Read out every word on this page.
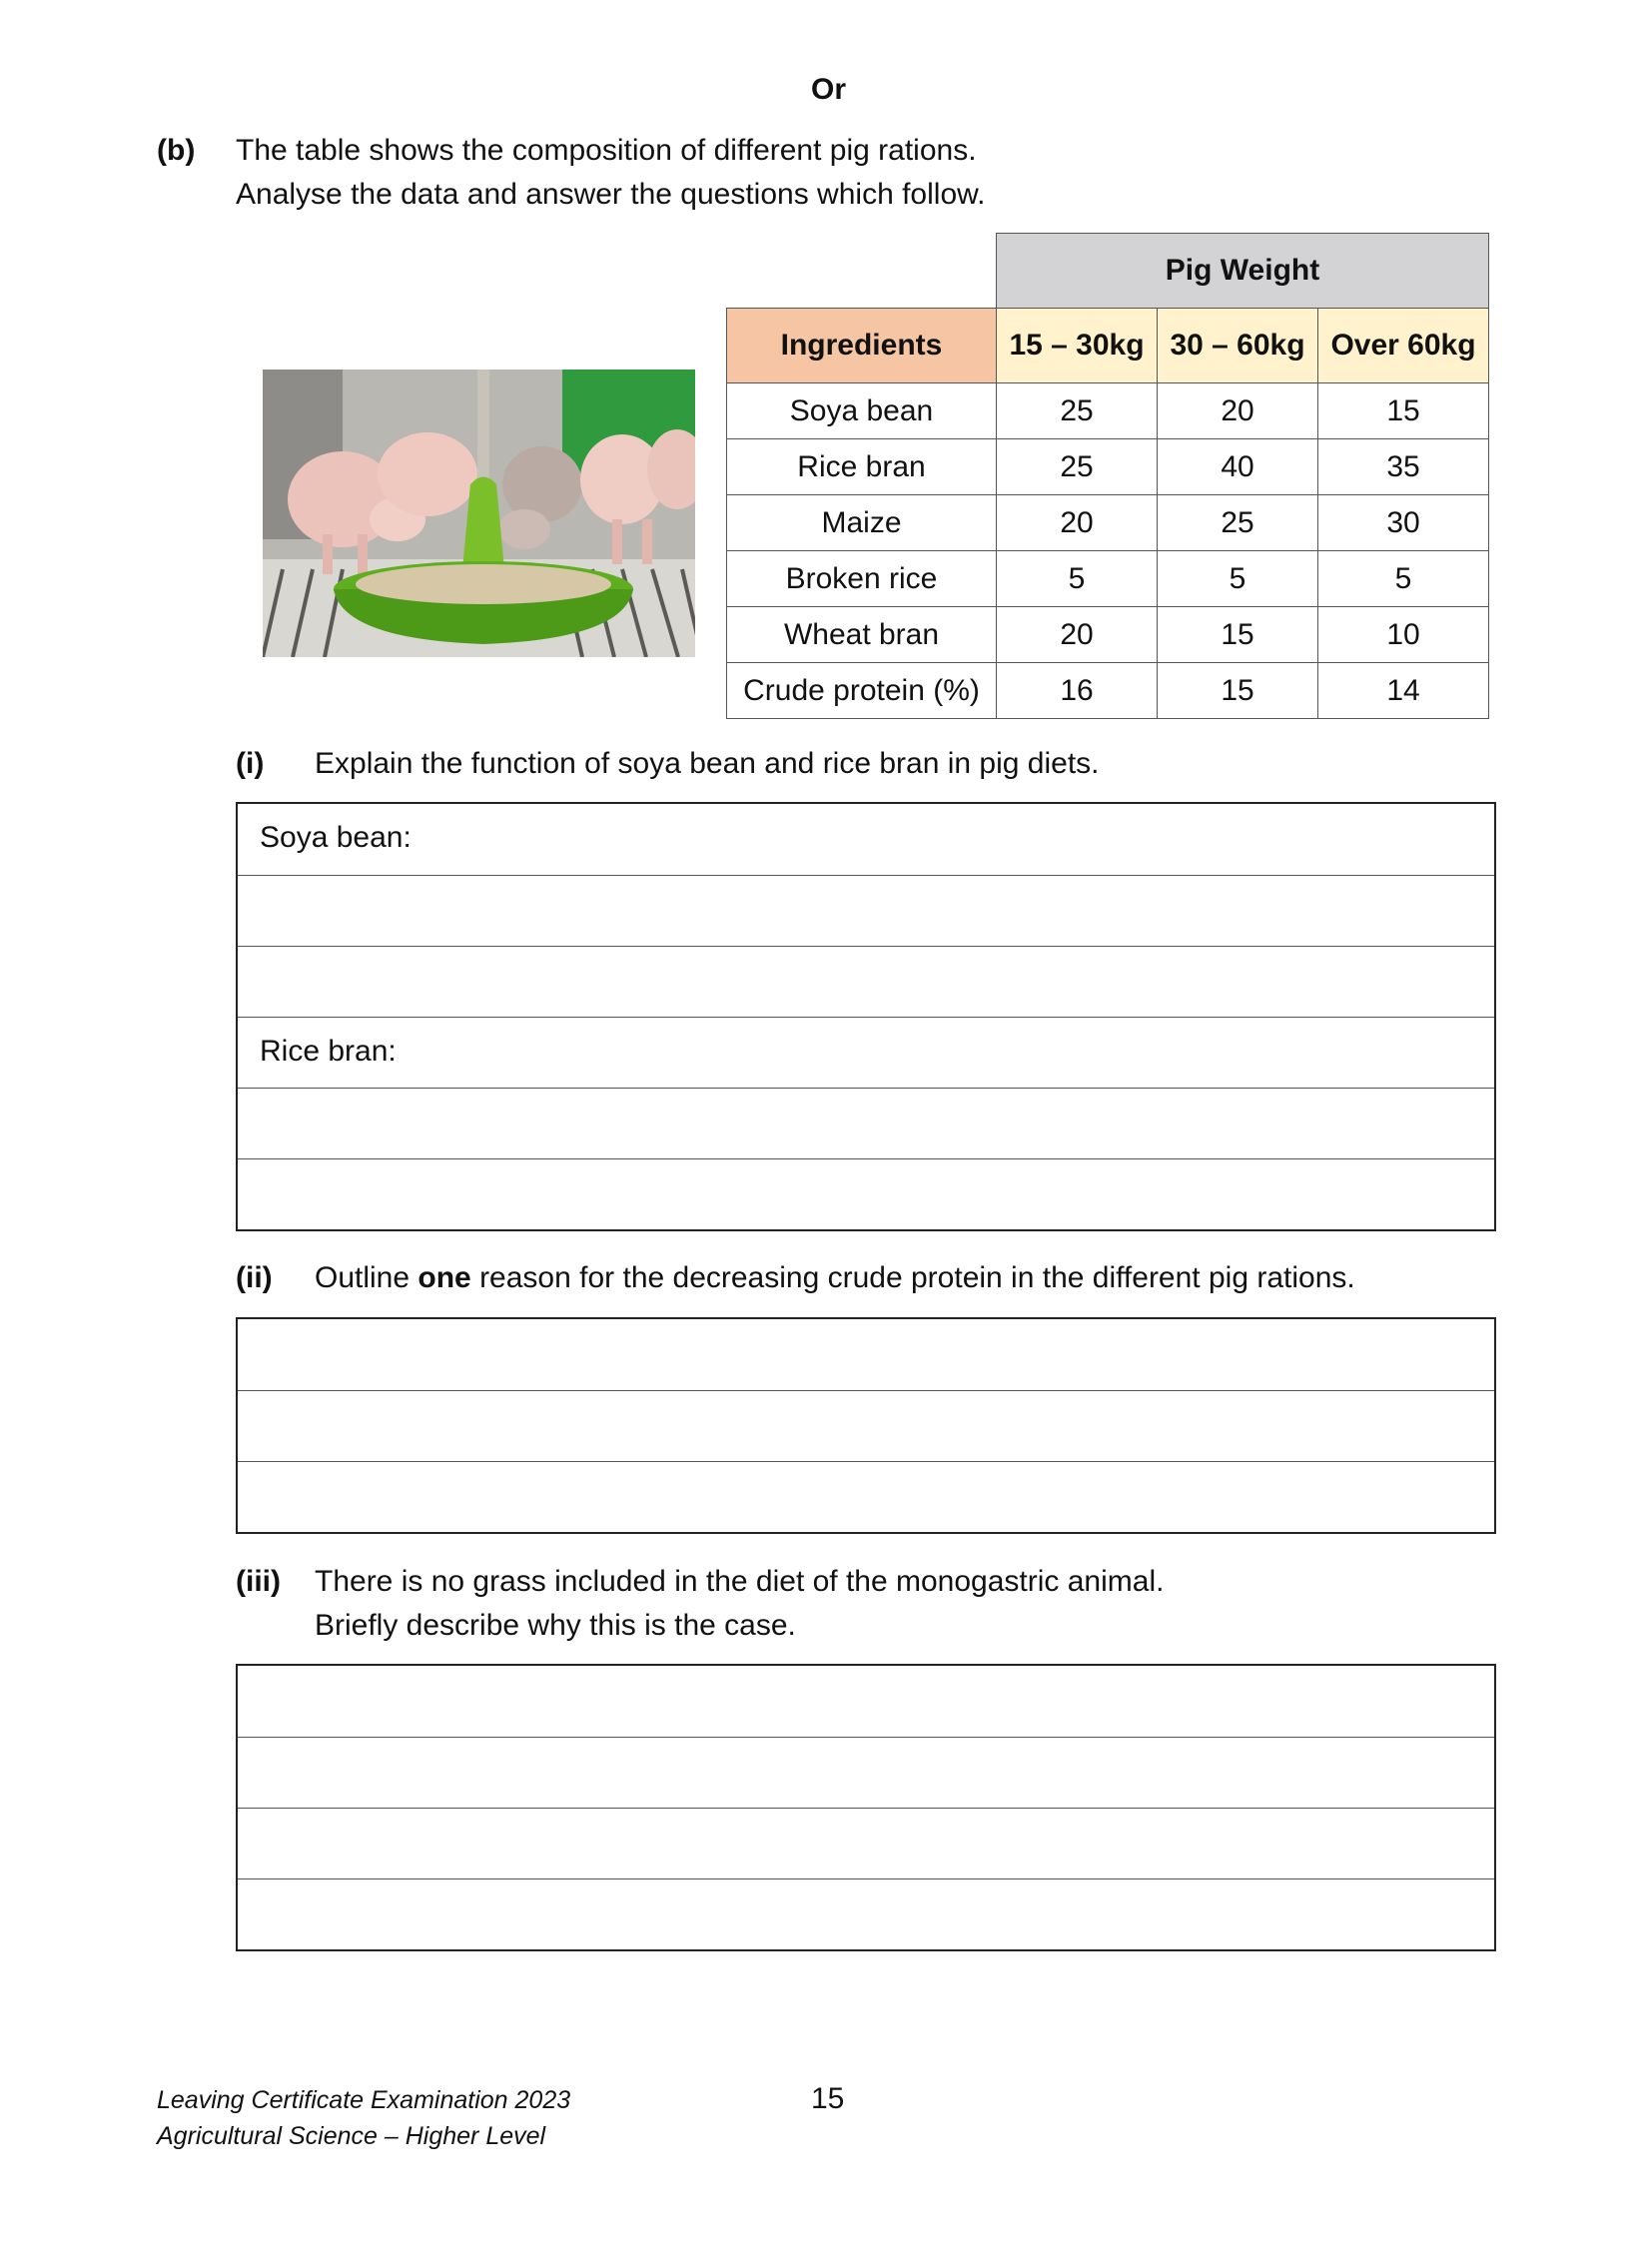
Or
(b) The table shows the composition of different pig rations.
Analyse the data and answer the questions which follow.
	Pig Weight		
Ingredients	15 – 30kg	30 – 60kg	Over 60kg
Soya bean	25	20	15
Rice bran	25	40	35
Maize	20	25	30
Broken rice	5	5	5
Wheat bran	20	15	10
Crude protein (%)	16	15	14
(i) Explain the function of soya bean and rice bran in pig diets.
Soya bean:
Rice bran:
(ii) Outline one reason for the decreasing crude protein in the different pig rations.
(iii) There is no grass included in the diet of the monogastric animal.
Briefly describe why this is the case.
Leaving Certificate Examination 2023
Agricultural Science – Higher Level
15
